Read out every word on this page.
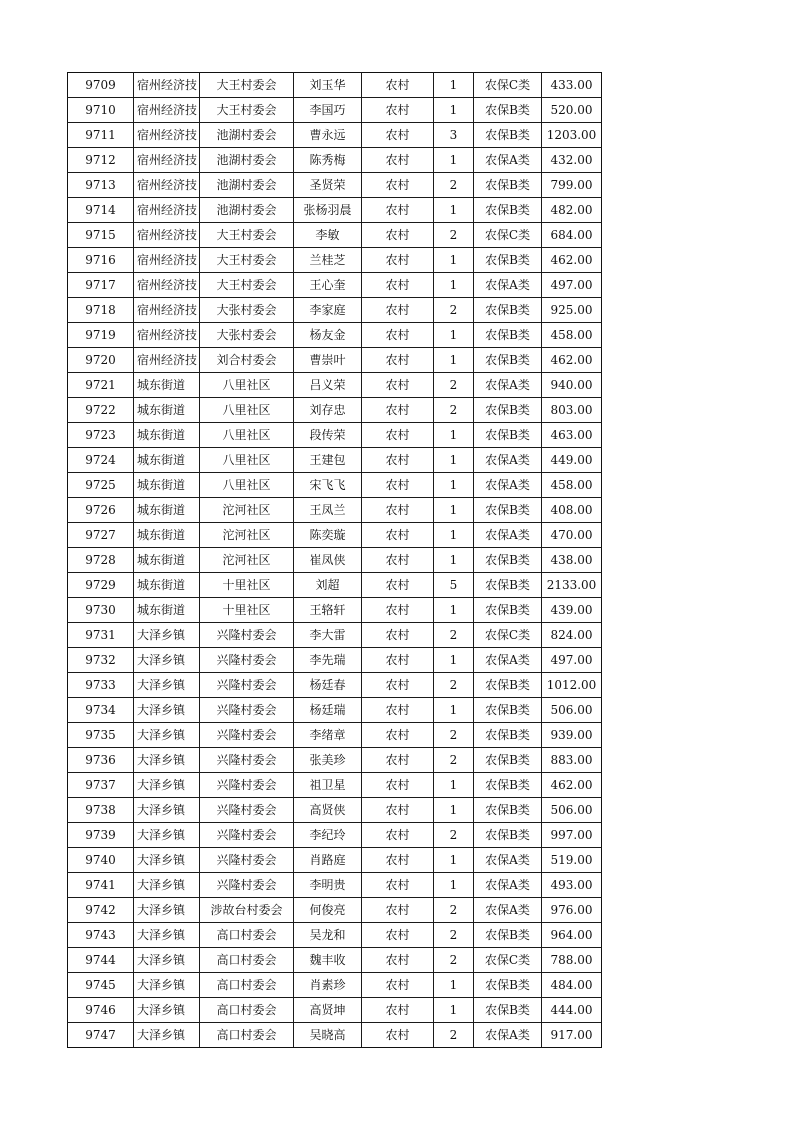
9709	宿州经济技	大王村委会	刘玉华	农村	1	农保C类	433.00
9710	宿州经济技	大王村委会	李国巧	农村	1	农保B类	520.00
9711	宿州经济技	池湖村委会	曹永远	农村	3	农保B类	1203.00
9712	宿州经济技	池湖村委会	陈秀梅	农村	1	农保A类	432.00
9713	宿州经济技	池湖村委会	圣贤荣	农村	2	农保B类	799.00
9714	宿州经济技	池湖村委会	张杨羽晨	农村	1	农保B类	482.00
9715	宿州经济技	大王村委会	李敏	农村	2	农保C类	684.00
9716	宿州经济技	大王村委会	兰桂芝	农村	1	农保B类	462.00
9717	宿州经济技	大王村委会	王心奎	农村	1	农保A类	497.00
9718	宿州经济技	大张村委会	李家庭	农村	2	农保B类	925.00
9719	宿州经济技	大张村委会	杨友金	农村	1	农保B类	458.00
9720	宿州经济技	刘合村委会	曹崇叶	农村	1	农保B类	462.00
9721	城东街道	八里社区	吕义荣	农村	2	农保A类	940.00
9722	城东街道	八里社区	刘存忠	农村	2	农保B类	803.00
9723	城东街道	八里社区	段传荣	农村	1	农保B类	463.00
9724	城东街道	八里社区	王建包	农村	1	农保A类	449.00
9725	城东街道	八里社区	宋飞飞	农村	1	农保A类	458.00
9726	城东街道	沱河社区	王凤兰	农村	1	农保B类	408.00
9727	城东街道	沱河社区	陈奕璇	农村	1	农保A类	470.00
9728	城东街道	沱河社区	崔凤侠	农村	1	农保B类	438.00
9729	城东街道	十里社区	刘超	农村	5	农保B类	2133.00
9730	城东街道	十里社区	王辂轩	农村	1	农保B类	439.00
9731	大泽乡镇	兴隆村委会	李大雷	农村	2	农保C类	824.00
9732	大泽乡镇	兴隆村委会	李先瑞	农村	1	农保A类	497.00
9733	大泽乡镇	兴隆村委会	杨廷春	农村	2	农保B类	1012.00
9734	大泽乡镇	兴隆村委会	杨廷瑞	农村	1	农保B类	506.00
9735	大泽乡镇	兴隆村委会	李绪章	农村	2	农保B类	939.00
9736	大泽乡镇	兴隆村委会	张美珍	农村	2	农保B类	883.00
9737	大泽乡镇	兴隆村委会	祖卫星	农村	1	农保B类	462.00
9738	大泽乡镇	兴隆村委会	高贤侠	农村	1	农保B类	506.00
9739	大泽乡镇	兴隆村委会	李纪玲	农村	2	农保B类	997.00
9740	大泽乡镇	兴隆村委会	肖路庭	农村	1	农保A类	519.00
9741	大泽乡镇	兴隆村委会	李明贵	农村	1	农保A类	493.00
9742	大泽乡镇	涉故台村委会	何俊亮	农村	2	农保A类	976.00
9743	大泽乡镇	高口村委会	吴龙和	农村	2	农保B类	964.00
9744	大泽乡镇	高口村委会	魏丰收	农村	2	农保C类	788.00
9745	大泽乡镇	高口村委会	肖素珍	农村	1	农保B类	484.00
9746	大泽乡镇	高口村委会	高贤坤	农村	1	农保B类	444.00
9747	大泽乡镇	高口村委会	吴晓高	农村	2	农保A类	917.00
